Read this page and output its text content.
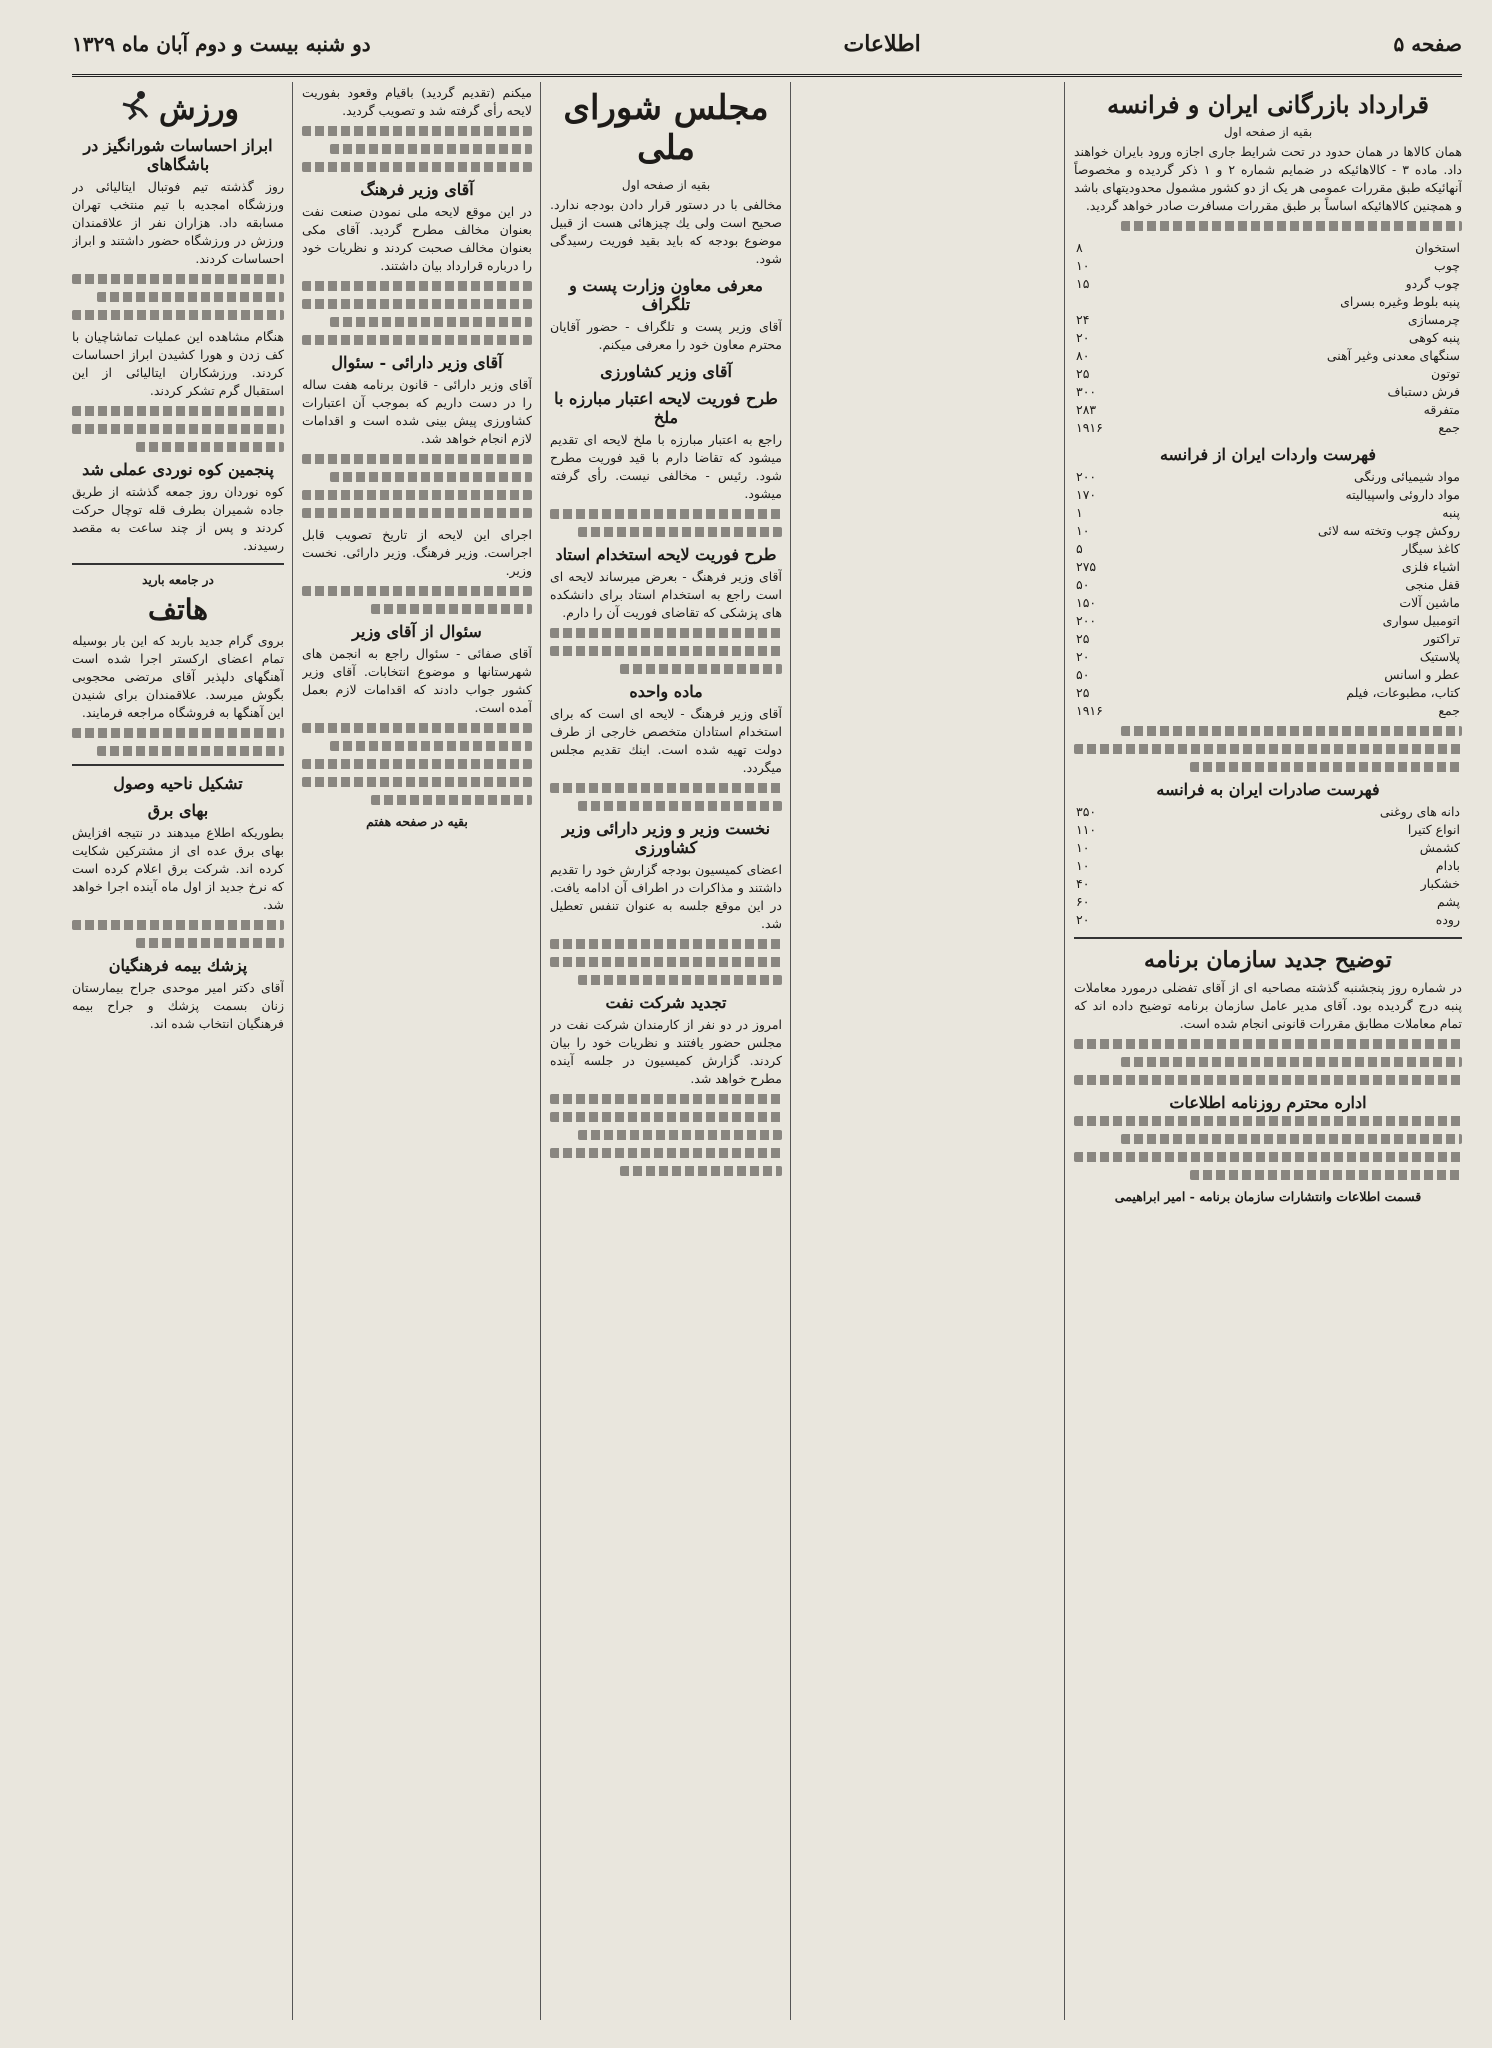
صفحه ۵
اطلاعات
دو شنبه بیست و دوم آبان ماه ۱۳۲۹
قرارداد بازرگانی ایران و فرانسه
بقیه از صفحه اول

همان کالاها در همان حدود در تحت شرایط جاری اجازه ورود بایران خواهند داد. ماده ۳ - کالاهائیکه در ضمایم شماره ۲ و ۱ ذکر گردیده و مخصوصاً آنهائیکه طبق مقررات عمومی هر یک از دو کشور مشمول محدودیتهای باشد و همچنین کالاهائیکه اساساً بر طبق مقررات مسافرت صادر خواهد گردید.

استخوان	۸
چوب	۱۰
چوب گردو	۱۵
پنبه بلوط وغیره بسرای	
چرمسازی	۲۴
پنبه کوهی	۲۰
سنگهای معدنی وغیر آهنی	۸۰
توتون	۲۵
فرش دستباف	۳۰۰
متفرقه	۲۸۳
جمع	۱۹۱۶
فهرست واردات ایران از فرانسه
مواد شیمیائی ورنگی	۲۰۰
مواد داروئی واسپیالیته	۱۷۰
پنبه	۱
روکش چوب وتخته سه لائی	۱۰
کاغذ سیگار	۵
اشیاء فلزی	۲۷۵
قفل منجی	۵۰
ماشین آلات	۱۵۰
اتومبیل سواری	۲۰۰
تراکتور	۲۵
پلاستیک	۲۰
عطر و اسانس	۵۰
کتاب، مطبوعات، فیلم	۲۵
جمع	۱۹۱۶
فهرست صادرات ایران به فرانسه
دانه های روغنی	۳۵۰
انواع کتیرا	۱۱۰
کشمش	۱۰
بادام	۱۰
خشکبار	۴۰
پشم	۶۰
روده	۲۰
توضیح جدید سازمان برنامه

در شماره روز پنجشنبه گذشته مصاحبه ای از آقای تفضلی درمورد معاملات پنبه درج گردیده بود. آقای مدیر عامل سازمان برنامه توضیح داده اند که تمام معاملات مطابق مقررات قانونی انجام شده است.

اداره محترم روزنامه اطلاعات

قسمت اطلاعات وانتشارات سازمان برنامه - امیر ابراهیمی

مجلس شورای ملی
بقیه از صفحه اول

مخالفی با در دستور قرار دادن بودجه ندارد. صحیح است ولی یك چیزهائی هست از قبیل موضوع بودجه که باید بقید فوریت رسیدگی شود.

معرفی معاون وزارت پست و تلگراف

آقای وزیر پست و تلگراف - حضور آقایان محترم معاون خود را معرفی میکنم.

آقای وزیر کشاورزی
طرح فوریت لایحه اعتبار مبارزه با ملخ

راجع به اعتبار مبارزه با ملخ لایحه ای تقدیم میشود که تقاضا دارم با قید فوریت مطرح شود. رئیس - مخالفی نیست. رأی گرفته میشود.

طرح فوریت لایحه استخدام استاد

آقای وزیر فرهنگ - بعرض میرساند لایحه ای است راجع به استخدام استاد برای دانشکده های پزشکی که تقاضای فوریت آن را دارم.

ماده واحده

آقای وزیر فرهنگ - لایحه ای است که برای استخدام استادان متخصص خارجی از طرف دولت تهیه شده است. اینك تقدیم مجلس میگردد.

نخست وزیر و وزیر دارائی وزیر کشاورزی

اعضای کمیسیون بودجه گزارش خود را تقدیم داشتند و مذاکرات در اطراف آن ادامه یافت. در این موقع جلسه به عنوان تنفس تعطیل شد.

تجدید شرکت نفت

امروز در دو نفر از کارمندان شرکت نفت در مجلس حضور یافتند و نظریات خود را بیان کردند. گزارش کمیسیون در جلسه آینده مطرح خواهد شد.

میکنم (تقدیم گردید) باقیام وقعود بفوریت لایحه رأی گرفته شد و تصویب گردید.

آقای وزیر فرهنگ

در این موقع لایحه ملی نمودن صنعت نفت بعنوان مخالف مطرح گردید. آقای مکی بعنوان مخالف صحبت کردند و نظریات خود را درباره قرارداد بیان داشتند.

آقای وزیر دارائی - سئوال

آقای وزیر دارائی - قانون برنامه هفت ساله را در دست داریم که بموجب آن اعتبارات کشاورزی پیش بینی شده است و اقدامات لازم انجام خواهد شد.

اجرای این لایحه از تاریخ تصویب قابل اجراست. وزیر فرهنگ. وزیر دارائی. نخست وزیر.

سئوال از آقای وزیر

آقای صفائی - سئوال راجع به انجمن های شهرستانها و موضوع انتخابات. آقای وزیر کشور جواب دادند که اقدامات لازم بعمل آمده است.

بقیه در صفحه هفتم

ورزش
ابراز احساسات شورانگیز در باشگاهای

روز گذشته تیم فوتبال ایتالیائی در ورزشگاه امجدیه با تیم منتخب تهران مسابقه داد. هزاران نفر از علاقمندان ورزش در ورزشگاه حضور داشتند و ابراز احساسات کردند.

هنگام مشاهده این عملیات تماشاچیان با کف زدن و هورا کشیدن ابراز احساسات کردند. ورزشکاران ایتالیائی از این استقبال گرم تشکر کردند.

پنجمین کوه نوردی عملی شد

کوه نوردان روز جمعه گذشته از طریق جاده شمیران بطرف قله توچال حرکت کردند و پس از چند ساعت به مقصد رسیدند.

در جامعه بارید
هاتف

بروی گرام جدید باربد که این بار بوسیله تمام اعضای ارکستر اجرا شده است آهنگهای دلپذیر آقای مرتضی محجوبی بگوش میرسد. علاقمندان برای شنیدن این آهنگها به فروشگاه مراجعه فرمایند.

تشکیل ناحیه وصول
بهای برق

بطوریکه اطلاع میدهند در نتیجه افزایش بهای برق عده ای از مشترکین شکایت کرده اند. شرکت برق اعلام کرده است که نرخ جدید از اول ماه آینده اجرا خواهد شد.

پزشك بیمه فرهنگیان

آقای دکتر امیر موحدی جراح بیمارستان زنان بسمت پزشك و جراح بیمه فرهنگیان انتخاب شده اند.
